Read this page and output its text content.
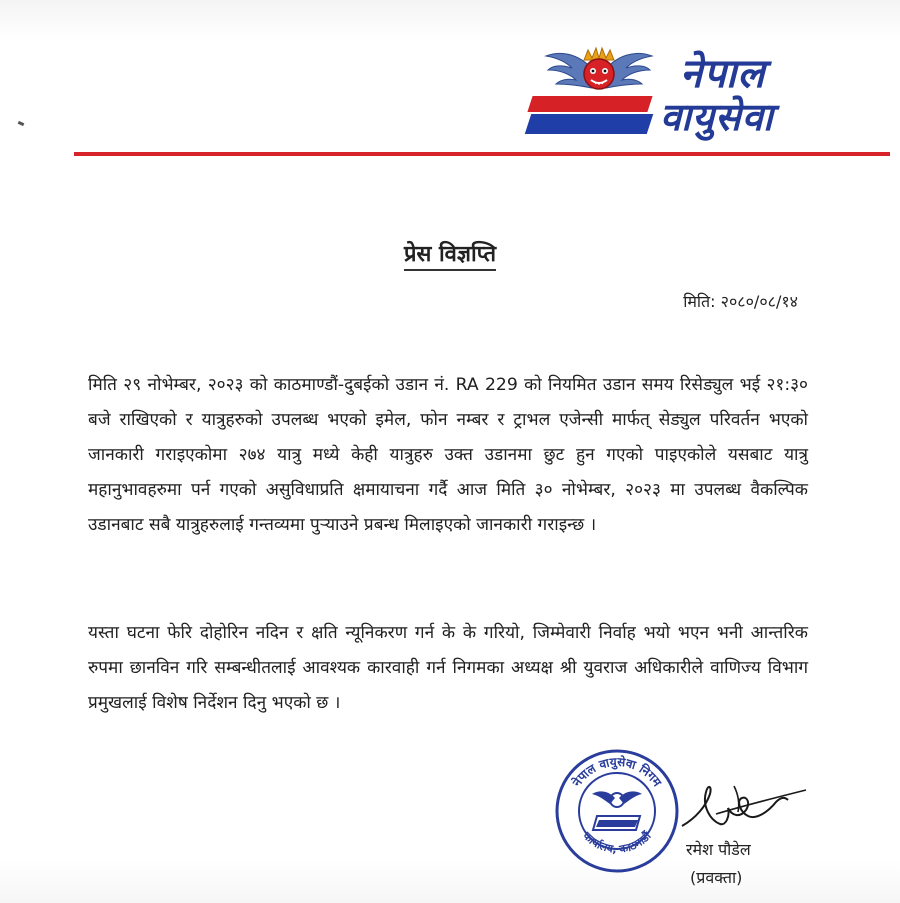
नेपाल
वायुसेवा
प्रेस विज्ञप्ति
मिति: २०८०/०८/१४
मिति २९ नोभेम्बर, २०२३ को काठमाण्डौं-दुबईको उडान नं. RA 229 को नियमित उडान समय रिसेड्युल भई २१:३० बजे राखिएको र यात्रुहरुको उपलब्ध भएको इमेल, फोन नम्बर र ट्राभल एजेन्सी मार्फत् सेड्युल परिवर्तन भएको जानकारी गराइएकोमा २७४ यात्रु मध्ये केही यात्रुहरु उक्त उडानमा छुट हुन गएको पाइएकोले यसबाट यात्रु महानुभावहरुमा पर्न गएको असुविधाप्रति क्षमायाचना गर्दै आज मिति ३० नोभेम्बर, २०२३ मा उपलब्ध वैकल्पिक उडानबाट सबै यात्रुहरुलाई गन्तव्यमा पुऱ्याउने प्रबन्ध मिलाइएको जानकारी गराइन्छ ।
यस्ता घटना फेरि दोहोरिन नदिन र क्षति न्यूनिकरण गर्न के के गरियो, जिम्मेवारी निर्वाह भयो भएन भनी आन्तरिक रुपमा छानविन गरि सम्बन्धीतलाई आवश्यक कारवाही गर्न निगमका अध्यक्ष श्री युवराज अधिकारीले वाणिज्य विभाग प्रमुखलाई विशेष निर्देशन दिनु भएको छ ।
नेपाल वायुसेवा निगम
कार्यालय, काठमाडौं
रमेश पौडेल
(प्रवक्ता)
